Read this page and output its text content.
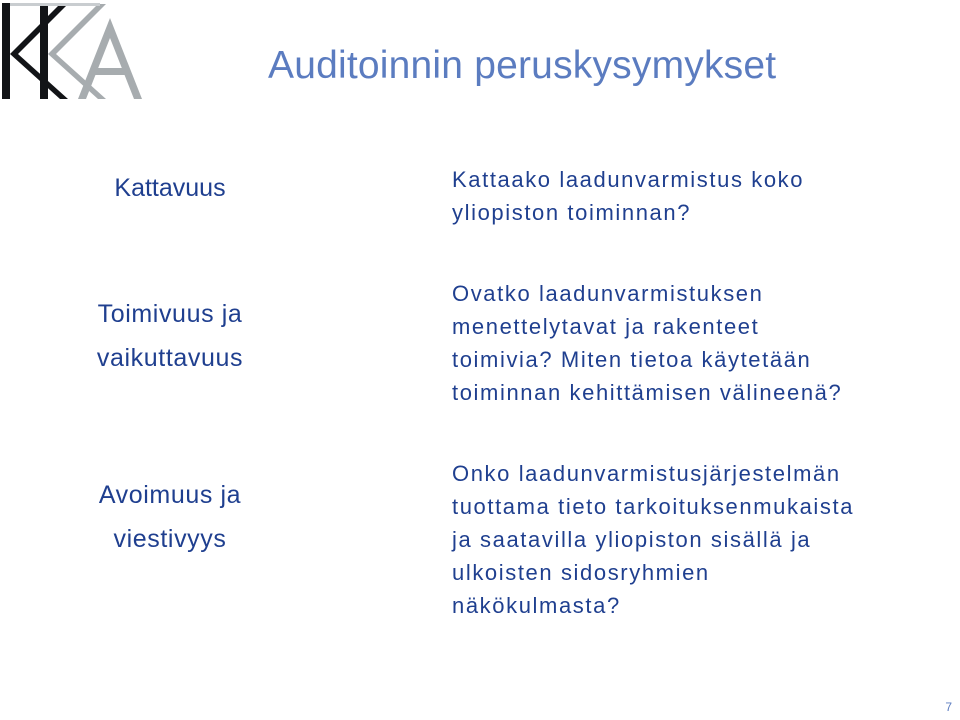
Auditoinnin peruskysymykset
Kattavuus	Kattaako laadunvarmistus koko
yliopiston toiminnan?
Toimivuus ja
vaikuttavuus
Ovatko laadunvarmistuksen
menettelytavat ja rakenteet
toimivia? Miten tietoa käytetään
toiminnan kehittämisen välineenä?
Avoimuus ja
viestivyys
Onko laadunvarmistusjärjestelmän
tuottama tieto tarkoituksenmukaista
ja saatavilla yliopiston sisällä ja
ulkoisten sidosryhmien
näkökulmasta?
7
